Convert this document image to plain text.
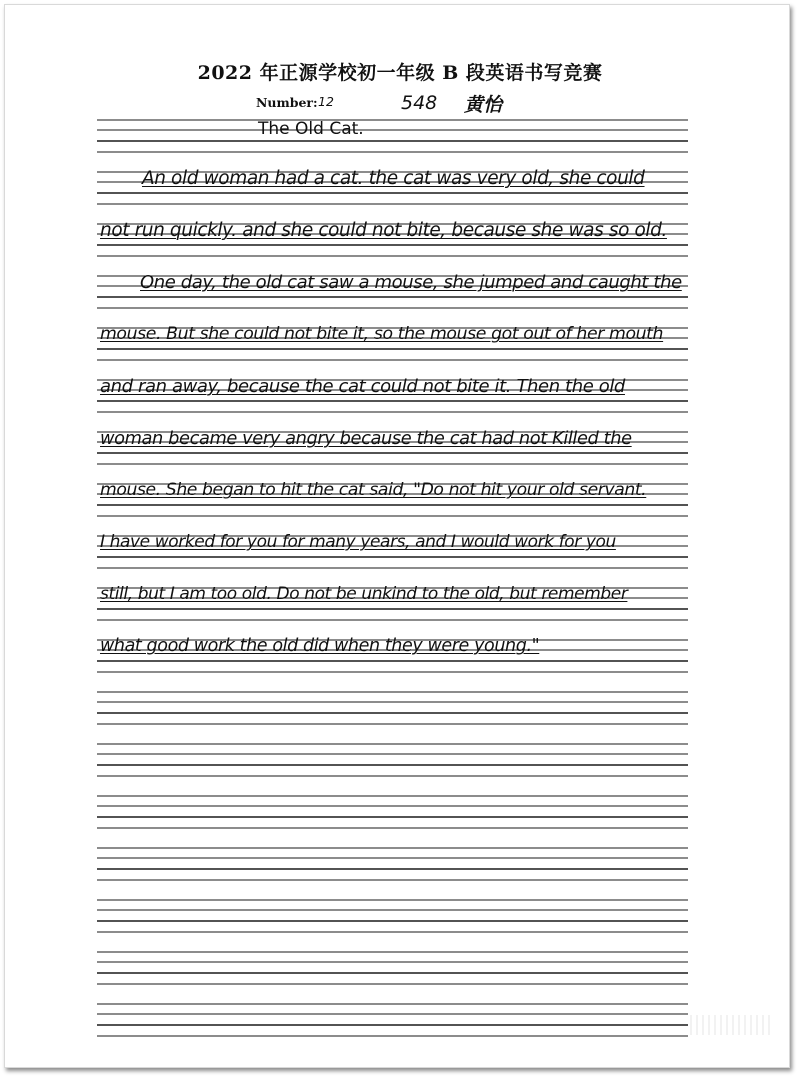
2022 年正源学校初一年级 B 段英语书写竞赛
Number: 12	548 黄怡
The Old Cat.
An old woman had a cat. the cat was very old, she could
not run quickly. and she could not bite, because she was so old.
One day, the old cat saw a mouse, she jumped and caught the
mouse. But she could not bite it, so the mouse got out of her mouth
and ran away, because the cat could not bite it. Then the old
woman became very angry because the cat had not Killed the
mouse. She began to hit the cat said, "Do not hit your old servant.
I have worked for you for many years, and I would work for you
still, but I am too old. Do not be unkind to the old, but remember
what good work the old did when they were young."
